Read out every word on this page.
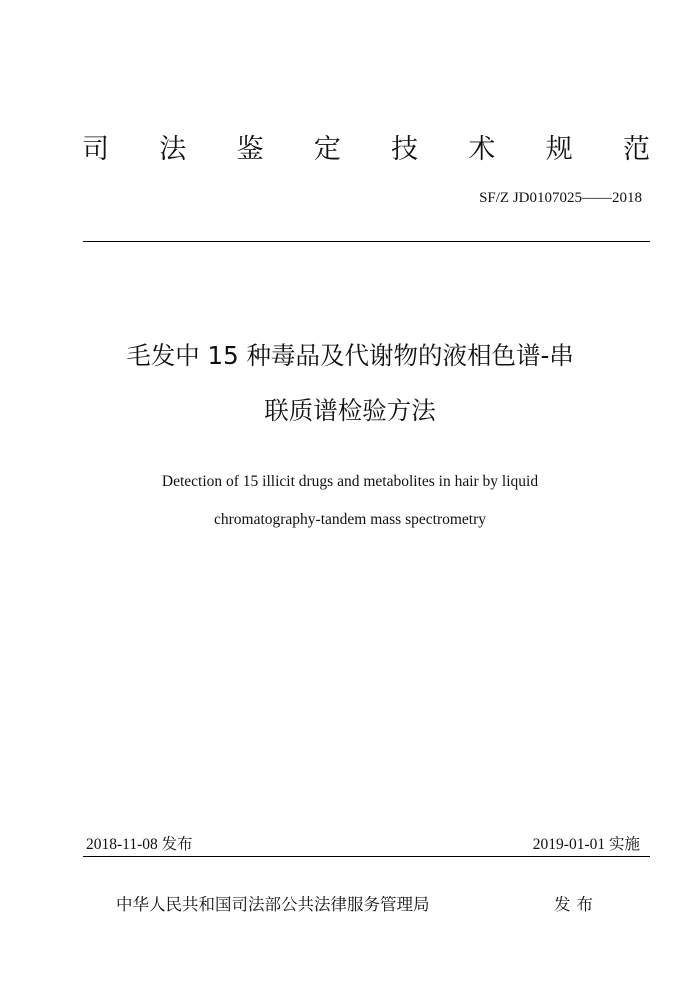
司 法 鉴 定 技 术 规 范
SF/Z JD0107025——2018
毛发中 15 种毒品及代谢物的液相色谱-串
联质谱检验方法
Detection of 15 illicit drugs and metabolites in hair by liquid
chromatography-tandem mass spectrometry
2018-11-08 发布	2019-01-01 实施
中华人民共和国司法部公共法律服务管理局	发布
